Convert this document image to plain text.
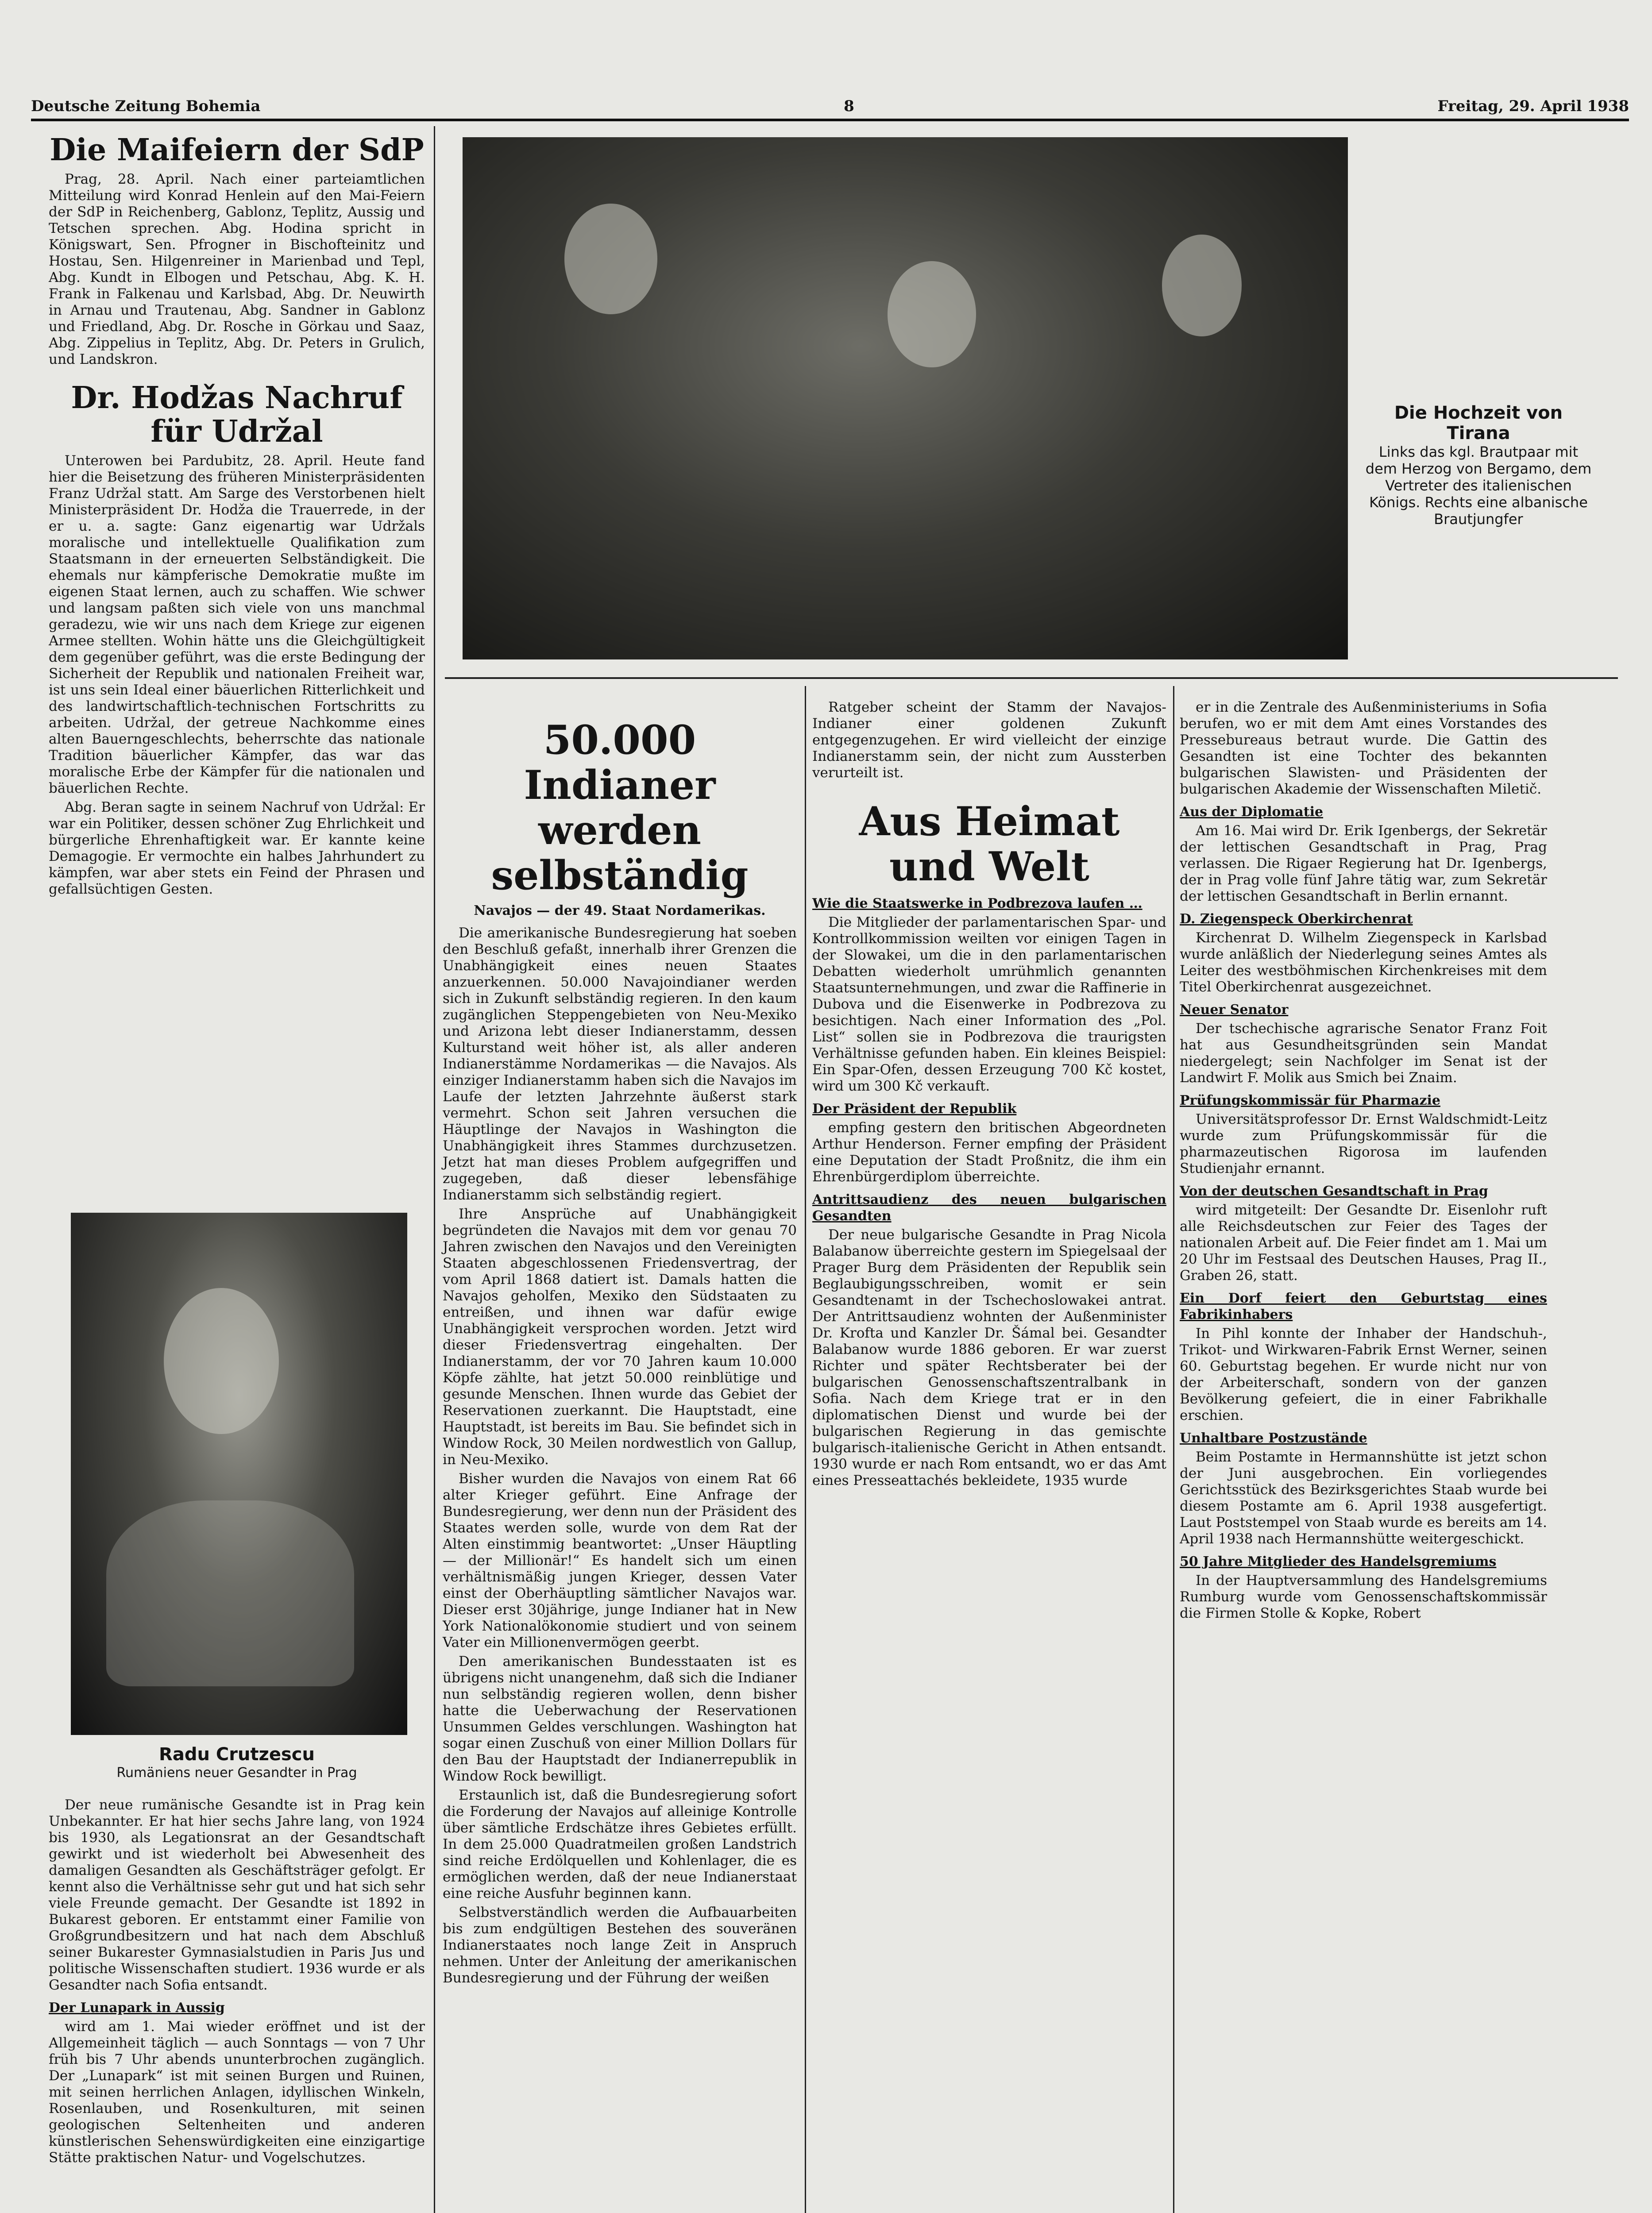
Deutsche Zeitung Bohemia	8	Freitag, 29. April 1938
Die Maifeiern der SdP

Prag, 28. April. Nach einer parteiamtlichen Mitteilung wird Konrad Henlein auf den Mai-Feiern der SdP in Reichenberg, Gablonz, Teplitz, Aussig und Tetschen sprechen. Abg. Hodina spricht in Königswart, Sen. Pfrogner in Bischofteinitz und Hostau, Sen. Hilgenreiner in Marienbad und Tepl, Abg. Kundt in Elbogen und Petschau, Abg. K. H. Frank in Falkenau und Karlsbad, Abg. Dr. Neuwirth in Arnau und Trautenau, Abg. Sandner in Gablonz und Friedland, Abg. Dr. Rosche in Görkau und Saaz, Abg. Zippelius in Teplitz, Abg. Dr. Peters in Grulich, und Landskron.

Dr. Hodžas Nachruf für Udržal

Unterowen bei Pardubitz, 28. April. Heute fand hier die Beisetzung des früheren Ministerpräsidenten Franz Udržal statt. Am Sarge des Verstorbenen hielt Ministerpräsident Dr. Hodža die Trauerrede, in der er u. a. sagte: Ganz eigenartig war Udržals moralische und intellektuelle Qualifikation zum Staatsmann in der erneuerten Selbständigkeit. Die ehemals nur kämpferische Demokratie mußte im eigenen Staat lernen, auch zu schaffen. Wie schwer und langsam paßten sich viele von uns manchmal geradezu, wie wir uns nach dem Kriege zur eigenen Armee stellten. Wohin hätte uns die Gleichgültigkeit dem gegenüber geführt, was die erste Bedingung der Sicherheit der Republik und nationalen Freiheit war, ist uns sein Ideal einer bäuerlichen Ritterlichkeit und des landwirtschaftlich-technischen Fortschritts zu arbeiten. Udržal, der getreue Nachkomme eines alten Bauerngeschlechts, beherrschte das nationale Tradition bäuerlicher Kämpfer, das war das moralische Erbe der Kämpfer für die nationalen und bäuerlichen Rechte.

Abg. Beran sagte in seinem Nachruf von Udržal: Er war ein Politiker, dessen schöner Zug Ehrlichkeit und bürgerliche Ehrenhaftigkeit war. Er kannte keine Demagogie. Er vermochte ein halbes Jahrhundert zu kämpfen, war aber stets ein Feind der Phrasen und gefallsüchtigen Gesten.

Radu Crutzescu
Rumäniens neuer Gesandter in Prag

Der neue rumänische Gesandte ist in Prag kein Unbekannter. Er hat hier sechs Jahre lang, von 1924 bis 1930, als Legationsrat an der Gesandtschaft gewirkt und ist wiederholt bei Abwesenheit des damaligen Gesandten als Geschäftsträger gefolgt. Er kennt also die Verhältnisse sehr gut und hat sich sehr viele Freunde gemacht. Der Gesandte ist 1892 in Bukarest geboren. Er entstammt einer Familie von Großgrundbesitzern und hat nach dem Abschluß seiner Bukarester Gymnasialstudien in Paris Jus und politische Wissenschaften studiert. 1936 wurde er als Gesandter nach Sofia entsandt.

Der Lunapark in Aussig

wird am 1. Mai wieder eröffnet und ist der Allgemeinheit täglich — auch Sonntags — von 7 Uhr früh bis 7 Uhr abends ununterbrochen zugänglich. Der „Lunapark“ ist mit seinen Burgen und Ruinen, mit seinen herrlichen Anlagen, idyllischen Winkeln, Rosenlauben, und Rosenkulturen, mit seinen geologischen Seltenheiten und anderen künstlerischen Sehenswürdigkeiten eine einzigartige Stätte praktischen Natur- und Vogelschutzes.

Die Hochzeit von Tirana
Links das kgl. Brautpaar mit dem Herzog von Bergamo, dem Vertreter des italienischen Königs. Rechts eine albanische Brautjungfer
50.000 Indianer werden selbständig
Navajos — der 49. Staat Nordamerikas.

Die amerikanische Bundesregierung hat soeben den Beschluß gefaßt, innerhalb ihrer Grenzen die Unabhängigkeit eines neuen Staates anzuerkennen. 50.000 Navajoindianer werden sich in Zukunft selbständig regieren. In den kaum zugänglichen Steppengebieten von Neu-Mexiko und Arizona lebt dieser Indianerstamm, dessen Kulturstand weit höher ist, als aller anderen Indianerstämme Nordamerikas — die Navajos. Als einziger Indianerstamm haben sich die Navajos im Laufe der letzten Jahrzehnte äußerst stark vermehrt. Schon seit Jahren versuchen die Häuptlinge der Navajos in Washington die Unabhängigkeit ihres Stammes durchzusetzen. Jetzt hat man dieses Problem aufgegriffen und zugegeben, daß dieser lebensfähige Indianerstamm sich selbständig regiert.

Ihre Ansprüche auf Unabhängigkeit begründeten die Navajos mit dem vor genau 70 Jahren zwischen den Navajos und den Vereinigten Staaten abgeschlossenen Friedensvertrag, der vom April 1868 datiert ist. Damals hatten die Navajos geholfen, Mexiko den Südstaaten zu entreißen, und ihnen war dafür ewige Unabhängigkeit versprochen worden. Jetzt wird dieser Friedensvertrag eingehalten. Der Indianerstamm, der vor 70 Jahren kaum 10.000 Köpfe zählte, hat jetzt 50.000 reinblütige und gesunde Menschen. Ihnen wurde das Gebiet der Reservationen zuerkannt. Die Hauptstadt, eine Hauptstadt, ist bereits im Bau. Sie befindet sich in Window Rock, 30 Meilen nordwestlich von Gallup, in Neu-Mexiko.

Bisher wurden die Navajos von einem Rat 66 alter Krieger geführt. Eine Anfrage der Bundesregierung, wer denn nun der Präsident des Staates werden solle, wurde von dem Rat der Alten einstimmig beantwortet: „Unser Häuptling — der Millionär!“ Es handelt sich um einen verhältnismäßig jungen Krieger, dessen Vater einst der Oberhäuptling sämtlicher Navajos war. Dieser erst 30jährige, junge Indianer hat in New York Nationalökonomie studiert und von seinem Vater ein Millionenvermögen geerbt.

Den amerikanischen Bundesstaaten ist es übrigens nicht unangenehm, daß sich die Indianer nun selbständig regieren wollen, denn bisher hatte die Ueberwachung der Reservationen Unsummen Geldes verschlungen. Washington hat sogar einen Zuschuß von einer Million Dollars für den Bau der Hauptstadt der Indianerrepublik in Window Rock bewilligt.

Erstaunlich ist, daß die Bundesregierung sofort die Forderung der Navajos auf alleinige Kontrolle über sämtliche Erdschätze ihres Gebietes erfüllt. In dem 25.000 Quadratmeilen großen Landstrich sind reiche Erdölquellen und Kohlenlager, die es ermöglichen werden, daß der neue Indianerstaat eine reiche Ausfuhr beginnen kann.

Selbstverständlich werden die Aufbauarbeiten bis zum endgültigen Bestehen des souveränen Indianerstaates noch lange Zeit in Anspruch nehmen. Unter der Anleitung der amerikanischen Bundesregierung und der Führung der weißen

Ratgeber scheint der Stamm der Navajos-Indianer einer goldenen Zukunft entgegenzugehen. Er wird vielleicht der einzige Indianerstamm sein, der nicht zum Aussterben verurteilt ist.

Aus Heimat und Welt
Wie die Staatswerke in Podbrezova laufen …

Die Mitglieder der parlamentarischen Spar- und Kontrollkommission weilten vor einigen Tagen in der Slowakei, um die in den parlamentarischen Debatten wiederholt umrühmlich genannten Staatsunternehmungen, und zwar die Raffinerie in Dubova und die Eisenwerke in Podbrezova zu besichtigen. Nach einer Information des „Pol. List“ sollen sie in Podbrezova die traurigsten Verhältnisse gefunden haben. Ein kleines Beispiel: Ein Spar-Ofen, dessen Erzeugung 700 Kč kostet, wird um 300 Kč verkauft.

Der Präsident der Republik

empfing gestern den britischen Abgeordneten Arthur Henderson. Ferner empfing der Präsident eine Deputation der Stadt Proßnitz, die ihm ein Ehrenbürgerdiplom überreichte.

Antrittsaudienz des neuen bulgarischen Gesandten

Der neue bulgarische Gesandte in Prag Nicola Balabanow überreichte gestern im Spiegelsaal der Prager Burg dem Präsidenten der Republik sein Beglaubigungsschreiben, womit er sein Gesandtenamt in der Tschechoslowakei antrat. Der Antrittsaudienz wohnten der Außenminister Dr. Krofta und Kanzler Dr. Šámal bei. Gesandter Balabanow wurde 1886 geboren. Er war zuerst Richter und später Rechtsberater bei der bulgarischen Genossenschaftszentralbank in Sofia. Nach dem Kriege trat er in den diplomatischen Dienst und wurde bei der bulgarischen Regierung in das gemischte bulgarisch-italienische Gericht in Athen entsandt. 1930 wurde er nach Rom entsandt, wo er das Amt eines Presseattachés bekleidete, 1935 wurde

er in die Zentrale des Außenministeriums in Sofia berufen, wo er mit dem Amt eines Vorstandes des Pressebureaus betraut wurde. Die Gattin des Gesandten ist eine Tochter des bekannten bulgarischen Slawisten- und Präsidenten der bulgarischen Akademie der Wissenschaften Miletič.

Aus der Diplomatie

Am 16. Mai wird Dr. Erik Igenbergs, der Sekretär der lettischen Gesandtschaft in Prag, Prag verlassen. Die Rigaer Regierung hat Dr. Igenbergs, der in Prag volle fünf Jahre tätig war, zum Sekretär der lettischen Gesandtschaft in Berlin ernannt.

D. Ziegenspeck Oberkirchenrat

Kirchenrat D. Wilhelm Ziegenspeck in Karlsbad wurde anläßlich der Niederlegung seines Amtes als Leiter des westböhmischen Kirchenkreises mit dem Titel Oberkirchenrat ausgezeichnet.

Neuer Senator

Der tschechische agrarische Senator Franz Foit hat aus Gesundheitsgründen sein Mandat niedergelegt; sein Nachfolger im Senat ist der Landwirt F. Molik aus Smich bei Znaim.

Prüfungskommissär für Pharmazie

Universitätsprofessor Dr. Ernst Waldschmidt-Leitz wurde zum Prüfungskommissär für die pharmazeutischen Rigorosa im laufenden Studienjahr ernannt.

Von der deutschen Gesandtschaft in Prag

wird mitgeteilt: Der Gesandte Dr. Eisenlohr ruft alle Reichsdeutschen zur Feier des Tages der nationalen Arbeit auf. Die Feier findet am 1. Mai um 20 Uhr im Festsaal des Deutschen Hauses, Prag II., Graben 26, statt.

Ein Dorf feiert den Geburtstag eines Fabrikinhabers

In Pihl konnte der Inhaber der Handschuh-, Trikot- und Wirkwaren-Fabrik Ernst Werner, seinen 60. Geburtstag begehen. Er wurde nicht nur von der Arbeiterschaft, sondern von der ganzen Bevölkerung gefeiert, die in einer Fabrikhalle erschien.

Unhaltbare Postzustände

Beim Postamte in Hermannshütte ist jetzt schon der Juni ausgebrochen. Ein vorliegendes Gerichtsstück des Bezirksgerichtes Staab wurde bei diesem Postamte am 6. April 1938 ausgefertigt. Laut Poststempel von Staab wurde es bereits am 14. April 1938 nach Hermannshütte weitergeschickt.

50 Jahre Mitglieder des Handelsgremiums

In der Hauptversammlung des Handelsgremiums Rumburg wurde vom Genossenschaftskommissär die Firmen Stolle & Kopke, Robert
